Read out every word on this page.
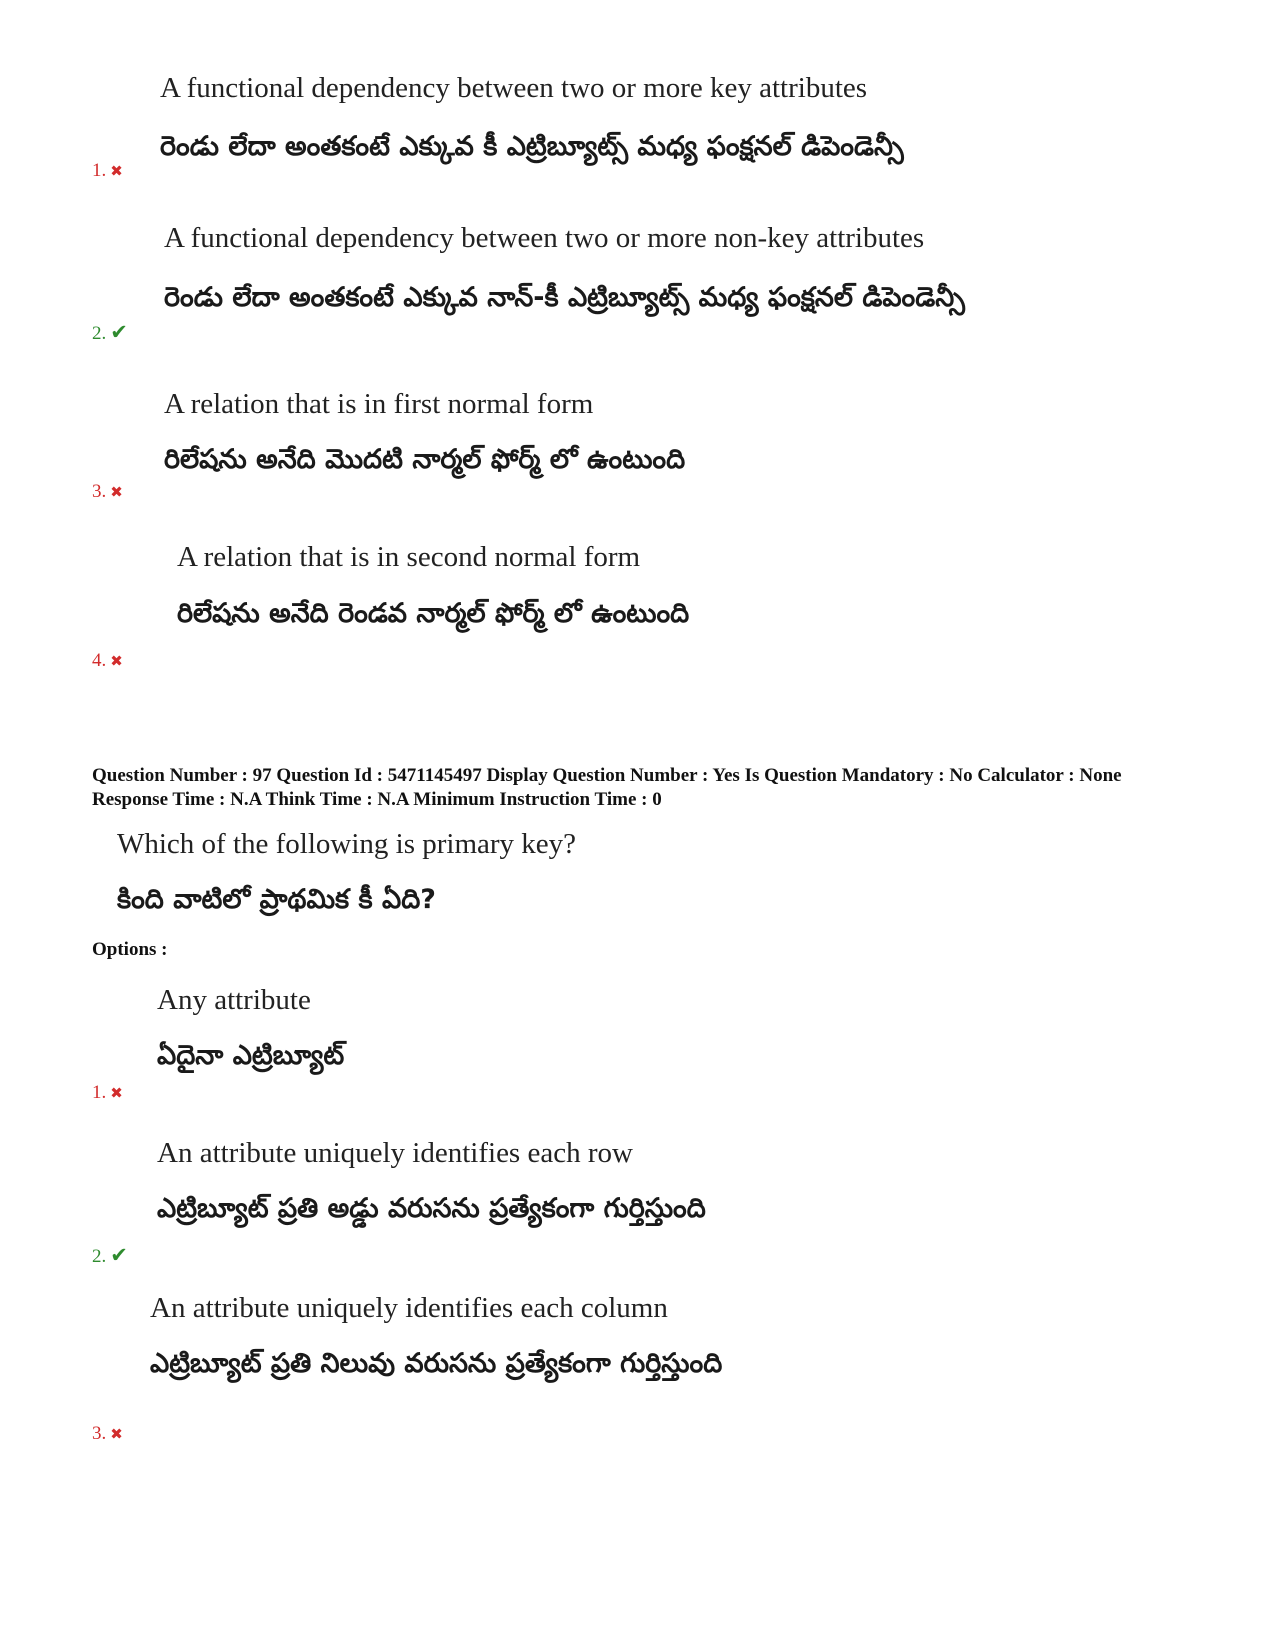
A functional dependency between two or more key attributes
రెండు లేదా అంతకంటే ఎక్కువ కీ ఎట్రిబ్యూట్స్ మధ్య ఫంక్షనల్ డిపెండెన్సీ
1. ✖
A functional dependency between two or more non-key attributes
రెండు లేదా అంతకంటే ఎక్కువ నాన్-కీ ఎట్రిబ్యూట్స్ మధ్య ఫంక్షనల్ డిపెండెన్సీ
2. ✔
A relation that is in first normal form
రిలేషను అనేది మొదటి నార్మల్ ఫోర్మ్ లో ఉంటుంది
3. ✖
A relation that is in second normal form
రిలేషను అనేది రెండవ నార్మల్ ఫోర్మ్ లో ఉంటుంది
4. ✖
Question Number : 97 Question Id : 5471145497 Display Question Number : Yes Is Question Mandatory : No Calculator : None Response Time : N.A Think Time : N.A Minimum Instruction Time : 0
Which of the following is primary key?
కింది వాటిలో ప్రాథమిక కీ ఏది?
Options :
Any attribute
ఏదైనా ఎట్రిబ్యూట్
1. ✖
An attribute uniquely identifies each row
ఎట్రిబ్యూట్ ప్రతి అడ్డు వరుసను ప్రత్యేకంగా గుర్తిస్తుంది
2. ✔
An attribute uniquely identifies each column
ఎట్రిబ్యూట్ ప్రతి నిలువు వరుసను ప్రత్యేకంగా గుర్తిస్తుంది
3. ✖
